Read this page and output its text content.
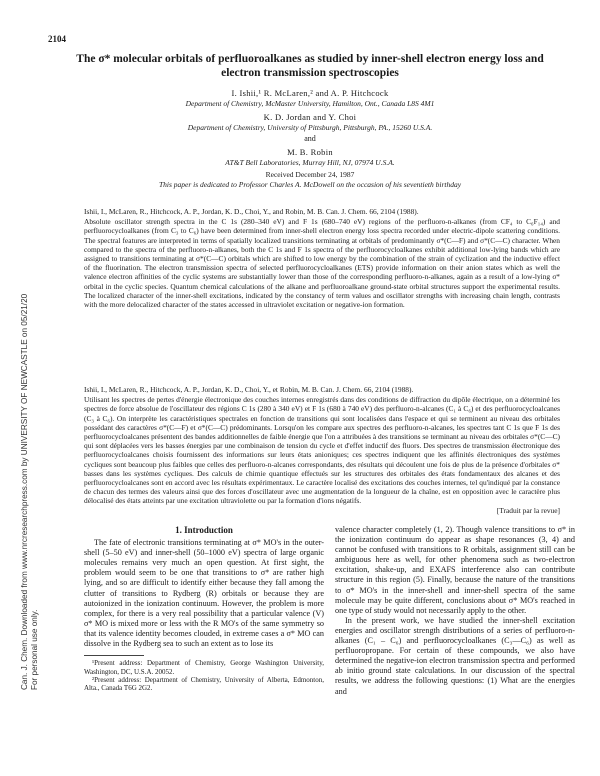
2104
Can. J. Chem. Downloaded from www.nrcresearchpress.com by UNIVERSITY OF NEWCASTLE on 05/21/20 For personal use only.
The σ* molecular orbitals of perfluoroalkanes as studied by inner-shell electron energy loss and electron transmission spectroscopies
I. Ishii,¹ R. McLaren,² and A. P. Hitchcock
Department of Chemistry, McMaster University, Hamilton, Ont., Canada L8S 4M1
K. D. Jordan and Y. Choi
Department of Chemistry, University of Pittsburgh, Pittsburgh, PA., 15260 U.S.A.
and
M. B. Robin
AT&T Bell Laboratories, Murray Hill, NJ, 07974 U.S.A.
Received December 24, 1987
This paper is dedicated to Professor Charles A. McDowell on the occasion of his seventieth birthday
Ishii, I., McLaren, R., Hitchcock, A. P., Jordan, K. D., Choi, Y., and Robin, M. B. Can. J. Chem. 66, 2104 (1988).
Absolute oscillator strength spectra in the C 1s (280–340 eV) and F 1s (680–740 eV) regions of the perfluoro-n-alkanes (from CF₄ to C₆F₁₄) and perfluorocycloalkanes (from C₃ to C₆) have been determined from inner-shell electron energy loss spectra recorded under electric-dipole scattering conditions. The spectral features are interpreted in terms of spatially localized transitions terminating at orbitals of predominantly σ*(C—F) and σ*(C—C) character. When compared to the spectra of the perfluoro-n-alkanes, both the C 1s and F 1s spectra of the perfluorocycloalkanes exhibit additional low-lying bands which are assigned to transitions terminating at σ*(C—C) orbitals which are shifted to low energy by the combination of the strain of cyclization and the inductive effect of the fluorination. The electron transmission spectra of selected perfluorocycloalkanes (ETS) provide information on their anion states which as well the valence electron affinities of the cyclic systems are substantially lower than those of the corresponding perfluoro-n-alkanes, again as a result of a low-lying σ* orbital in the cyclic species. Quantum chemical calculations of the alkane and perfluoroalkane ground-state orbital structures support the experimental results. The localized character of the inner-shell excitations, indicated by the constancy of term values and oscillator strengths with increasing chain length, contrasts with the more delocalized character of the states accessed in ultraviolet excitation or negative-ion formation.
Ishii, I., McLaren, R., Hitchcock, A. P., Jordan, K. D., Choi, Y., et Robin, M. B. Can. J. Chem. 66, 2104 (1988).
Utilisant les spectres de pertes d'énergie électronique des couches internes enregistrés dans des conditions de diffraction du dipôle électrique, on a déterminé les spectres de force absolue de l'oscillateur des régions C 1s (280 à 340 eV) et F 1s (680 à 740 eV) des perfluoro-n-alcanes (C₁ à C₆) et des perfluorocycloalcanes (C₃ à C₆). On interprète les caractéristiques spectrales en fonction de transitions qui sont localisées dans l'espace et qui se terminent au niveau des orbitales possédant des caractères σ*(C—F) et σ*(C—C) prédominants. Lorsqu'on les compare aux spectres des perfluoro-n-alcanes, les spectres tant C 1s que F 1s des perfluorocycloalcanes présentent des bandes additionnelles de faible énergie que l'on a attribuées à des transitions se terminant au niveau des orbitales σ*(C—C) qui sont déplacées vers les basses énergies par une combinaison de tension du cycle et d'effet inductif des fluors. Des spectres de transmission électronique des perfluorocycloalcanes choisis fournissent des informations sur leurs états anioniques; ces spectres indiquent que les affinités électroniques des systèmes cycliques sont beaucoup plus faibles que celles des perfluoro-n-alcanes correspondants, des résultats qui découlent une fois de plus de la présence d'orbitales σ* basses dans les systèmes cycliques. Des calculs de chimie quantique effectués sur les structures des orbitales des états fondamentaux des alcanes et des perfluorocycloalcanes sont en accord avec les résultats expérimentaux. Le caractère localisé des excitations des couches internes, tel qu'indiqué par la constance de chacun des termes des valeurs ainsi que des forces d'oscillateur avec une augmentation de la longueur de la chaîne, est en opposition avec le caractère plus délocalisé des états atteints par une excitation ultraviolette ou par la formation d'ions négatifs.
[Traduit par la revue]
1. Introduction

The fate of electronic transitions terminating at σ* MO's in the outer-shell (5–50 eV) and inner-shell (50–1000 eV) spectra of large organic molecules remains very much an open question. At first sight, the problem would seem to be one that transitions to σ* are rather high lying, and so are difficult to identify either because they fall among the clutter of transitions to Rydberg (R) orbitals or because they are autoionized in the ionization continuum. However, the problem is more complex, for there is a very real possibility that a particular valence (V) σ* MO is mixed more or less with the R MO's of the same symmetry so that its valence identity becomes clouded, in extreme cases a σ* MO can dissolve in the Rydberg sea to such an extent as to lose its

¹Present address: Department of Chemistry, George Washington University, Washington, DC, U.S.A. 20052.
²Present address: Department of Chemistry, University of Alberta, Edmonton, Alta., Canada T6G 2G2.

valence character completely (1, 2). Though valence transitions to σ* in the ionization continuum do appear as shape resonances (3, 4) and cannot be confused with transitions to R orbitals, assignment still can be ambiguous here as well, for other phenomena such as two-electron excitation, shake-up, and EXAFS interference also can contribute structure in this region (5). Finally, because the nature of the transitions to σ* MO's in the inner-shell and inner-shell spectra of the same molecule may be quite different, conclusions about σ* MO's reached in one type of study would not necessarily apply to the other.

In the present work, we have studied the inner-shell excitation energies and oscillator strength distributions of a series of perfluoro-n-alkanes (C₁ – C₆) and perfluorocycloalkanes (C₃—C₆) as well as perfluoropropane. For certain of these compounds, we also have determined the negative-ion electron transmission spectra and performed ab initio ground state calculations. In our discussion of the spectral results, we address the following questions: (1) What are the energies and
